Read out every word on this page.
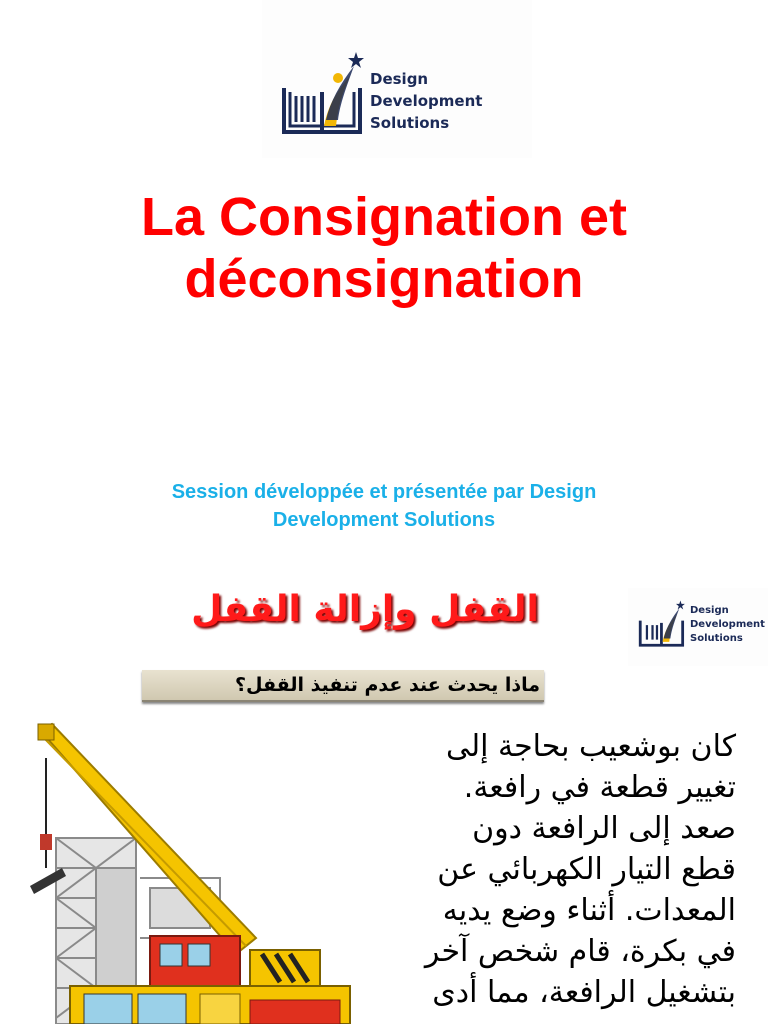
Design
Development
Solutions
La Consignation et
déconsignation
Session développée et présentée par Design
Development Solutions
القفل وإزالة القفل	Design
Development
Solutions
ماذا يحدث عند عدم تنفيذ القفل؟
كان بوشعيب بحاجة إلى
تغيير قطعة في رافعة.
صعد إلى الرافعة دون
قطع التيار الكهربائي عن
المعدات. أثناء وضع يديه
في بكرة، قام شخص آخر
بتشغيل الرافعة، مما أدى
